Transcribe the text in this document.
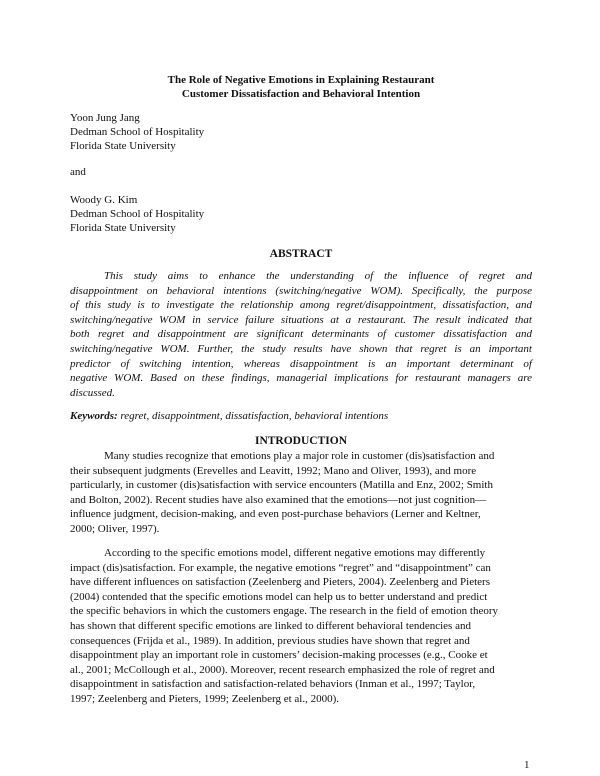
The Role of Negative Emotions in Explaining Restaurant
Customer Dissatisfaction and Behavioral Intention
Yoon Jung Jang
Dedman School of Hospitality
Florida State University
and
Woody G. Kim
Dedman School of Hospitality
Florida State University
ABSTRACT
This study aims to enhance the understanding of the influence of regret and
disappointment on behavioral intentions (switching/negative WOM). Specifically, the purpose
of this study is to investigate the relationship among regret/disappointment, dissatisfaction, and
switching/negative WOM in service failure situations at a restaurant. The result indicated that
both regret and disappointment are significant determinants of customer dissatisfaction and
switching/negative WOM. Further, the study results have shown that regret is an important
predictor of switching intention, whereas disappointment is an important determinant of
negative WOM. Based on these findings, managerial implications for restaurant managers are
discussed.
Keywords: regret, disappointment, dissatisfaction, behavioral intentions
INTRODUCTION
Many studies recognize that emotions play a major role in customer (dis)satisfaction and
their subsequent judgments (Erevelles and Leavitt, 1992; Mano and Oliver, 1993), and more
particularly, in customer (dis)satisfaction with service encounters (Matilla and Enz, 2002; Smith
and Bolton, 2002). Recent studies have also examined that the emotions—not just cognition—
influence judgment, decision-making, and even post-purchase behaviors (Lerner and Keltner,
2000; Oliver, 1997).
According to the specific emotions model, different negative emotions may differently
impact (dis)satisfaction. For example, the negative emotions “regret” and “disappointment” can
have different influences on satisfaction (Zeelenberg and Pieters, 2004). Zeelenberg and Pieters
(2004) contended that the specific emotions model can help us to better understand and predict
the specific behaviors in which the customers engage. The research in the field of emotion theory
has shown that different specific emotions are linked to different behavioral tendencies and
consequences (Frijda et al., 1989). In addition, previous studies have shown that regret and
disappointment play an important role in customers’ decision-making processes (e.g., Cooke et
al., 2001; McCollough et al., 2000). Moreover, recent research emphasized the role of regret and
disappointment in satisfaction and satisfaction-related behaviors (Inman et al., 1997; Taylor,
1997; Zeelenberg and Pieters, 1999; Zeelenberg et al., 2000).
1
